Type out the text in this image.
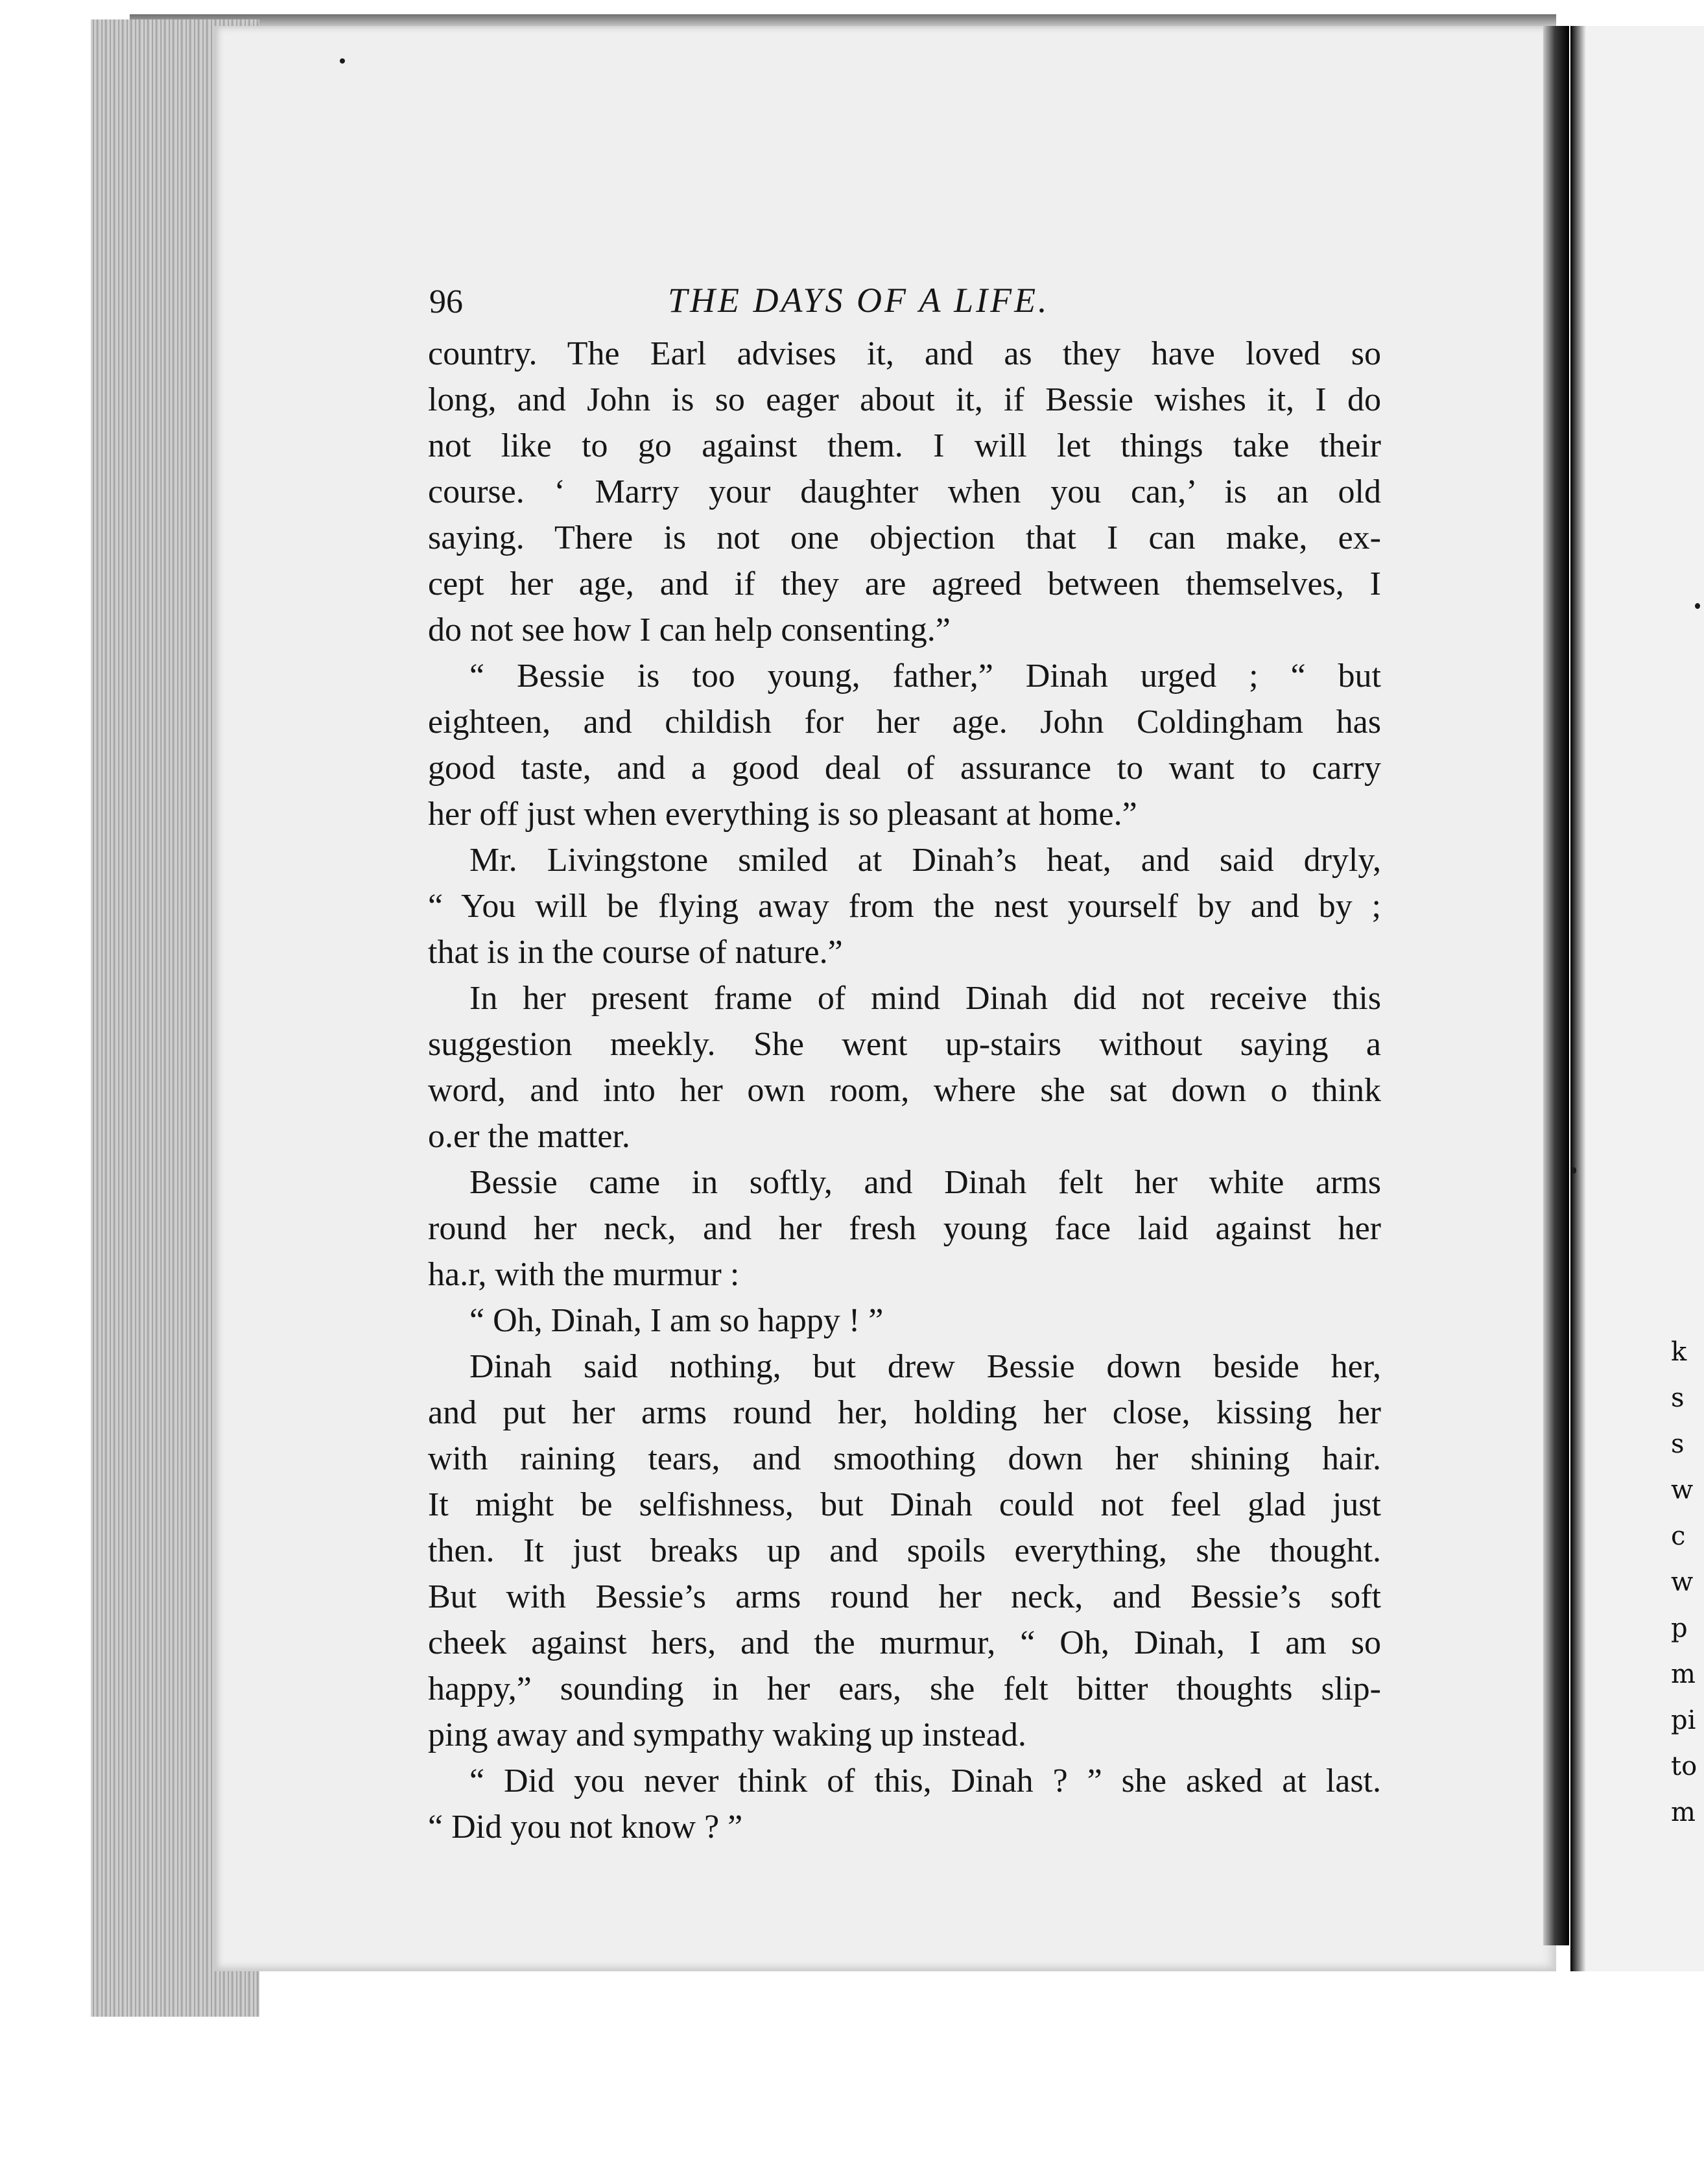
k
s
s
w
c
w
p
m
pi
to
m
96	THE DAYS OF A LIFE.
country. The Earl advises it, and as they have loved so
long, and John is so eager about it, if Bessie wishes it, I do
not like to go against them. I will let things take their
course. ‘ Marry your daughter when you can,’ is an old
saying. There is not one objection that I can make, ex-
cept her age, and if they are agreed between themselves, I
do not see how I can help consenting.”
“ Bessie is too young, father,” Dinah urged ; “ but
eighteen, and childish for her age. John Coldingham has
good taste, and a good deal of assurance to want to carry
her off just when everything is so pleasant at home.”
Mr. Livingstone smiled at Dinah’s heat, and said dryly,
“ You will be flying away from the nest yourself by and by ;
that is in the course of nature.”
In her present frame of mind Dinah did not receive this
suggestion meekly. She went up-stairs without saying a
word, and into her own room, where she sat down o think
o.er the matter.
Bessie came in softly, and Dinah felt her white arms
round her neck, and her fresh young face laid against her
ha.r, with the murmur :
“ Oh, Dinah, I am so happy ! ”
Dinah said nothing, but drew Bessie down beside her,
and put her arms round her, holding her close, kissing her
with raining tears, and smoothing down her shining hair.
It might be selfishness, but Dinah could not feel glad just
then. It just breaks up and spoils everything, she thought.
But with Bessie’s arms round her neck, and Bessie’s soft
cheek against hers, and the murmur, “ Oh, Dinah, I am so
happy,” sounding in her ears, she felt bitter thoughts slip-
ping away and sympathy waking up instead.
“ Did you never think of this, Dinah ? ” she asked at last.
“ Did you not know ? ”
